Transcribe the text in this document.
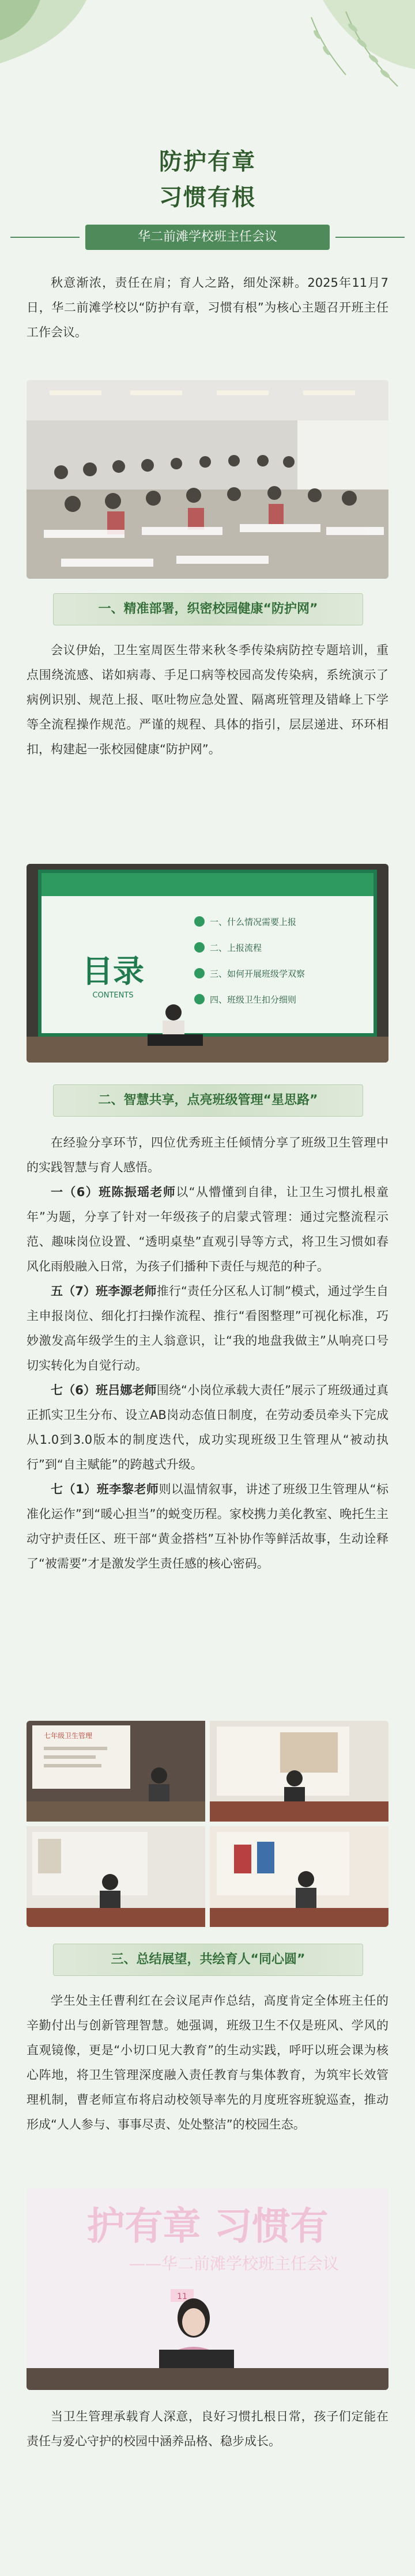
防护有章
习惯有根
华二前滩学校班主任会议

秋意渐浓，责任在肩；育人之路，细处深耕。2025年11月7日，华二前滩学校以“防护有章，习惯有根”为核心主题召开班主任工作会议。

一、精准部署，织密校园健康“防护网”

会议伊始，卫生室周医生带来秋冬季传染病防控专题培训，重点围绕流感、诺如病毒、手足口病等校园高发传染病，系统演示了病例识别、规范上报、呕吐物应急处置、隔离班管理及错峰上下学等全流程操作规范。严谨的规程、具体的指引，层层递进、环环相扣，构建起一张校园健康“防护网”。

目录
CONTENTS
一、什么情况需要上报
二、上报流程
三、如何开展班级学双察
四、班级卫生扣分细则
二、智慧共享，点亮班级管理“星思路”

在经验分享环节，四位优秀班主任倾情分享了班级卫生管理中的实践智慧与育人感悟。

一（6）班陈振瑶老师以“从懵懂到自律，让卫生习惯扎根童年”为题，分享了针对一年级孩子的启蒙式管理：通过完整流程示范、趣味岗位设置、“透明桌垫”直观引导等方式，将卫生习惯如春风化雨般融入日常，为孩子们播种下责任与规范的种子。

五（7）班李源老师推行“责任分区私人订制”模式，通过学生自主申报岗位、细化打扫操作流程、推行“看图整理”可视化标准，巧妙激发高年级学生的主人翁意识，让“我的地盘我做主”从响亮口号切实转化为自觉行动。

七（6）班吕娜老师围绕“小岗位承载大责任”展示了班级通过真正抓实卫生分布、设立AB岗动态值日制度，在劳动委员牵头下完成从1.0到3.0版本的制度迭代，成功实现班级卫生管理从“被动执行”到“自主赋能”的跨越式升级。

七（1）班李黎老师则以温情叙事，讲述了班级卫生管理从“标准化运作”到“暖心担当”的蜕变历程。家校携力美化教室、晚托生主动守护责任区、班干部“黄金搭档”互补协作等鲜活故事，生动诠释了“被需要”才是激发学生责任感的核心密码。

七年级卫生管理
三、总结展望，共绘育人“同心圆”

学生处主任曹利红在会议尾声作总结，高度肯定全体班主任的辛勤付出与创新管理智慧。她强调，班级卫生不仅是班风、学风的直观镜像，更是“小切口见大教育”的生动实践，呼吁以班会课为核心阵地，将卫生管理深度融入责任教育与集体教育，为筑牢长效管理机制，曹老师宣布将启动校领导率先的月度班容班貌巡查，推动形成“人人参与、事事尽责、处处整洁”的校园生态。

护有章 习惯有
——华二前滩学校班主任会议
11

当卫生管理承载育人深意，良好习惯扎根日常，孩子们定能在责任与爱心守护的校园中涵养品格、稳步成长。
